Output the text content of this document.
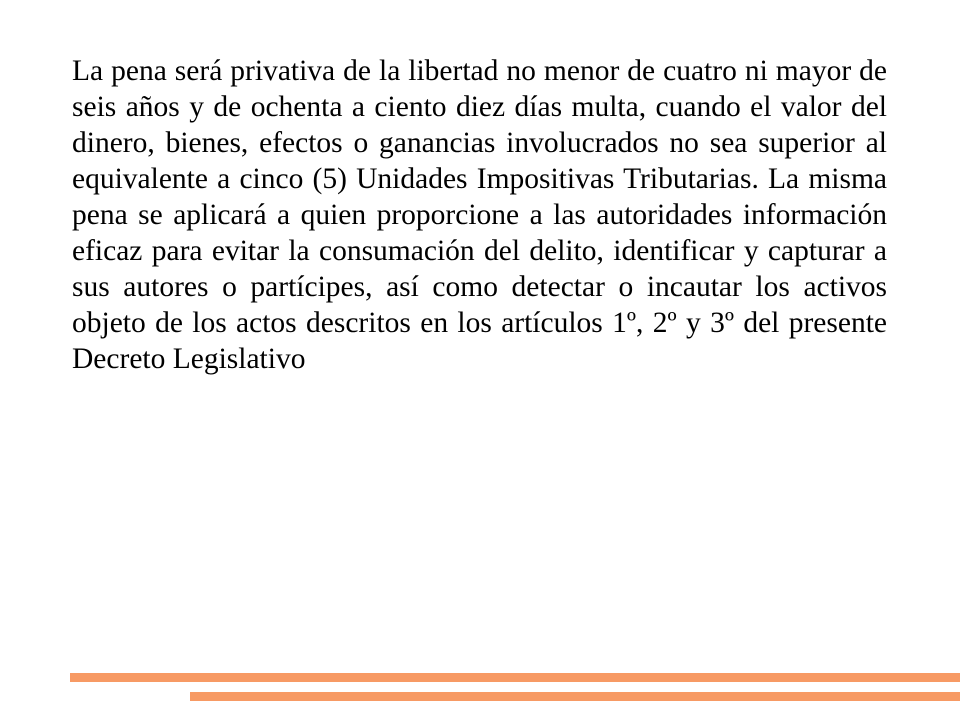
La pena será privativa de la libertad no menor de cuatro ni mayor de seis años y de ochenta a ciento diez días multa, cuando el valor del dinero, bienes, efectos o ganancias involucrados no sea superior al equivalente a cinco (5) Unidades Impositivas Tributarias. La misma pena se aplicará a quien proporcione a las autoridades información eficaz para evitar la consumación del delito, identificar y capturar a sus autores o partícipes, así como detectar o incautar los activos objeto de los actos descritos en los artículos 1º, 2º y 3º del presente Decreto Legislativo
